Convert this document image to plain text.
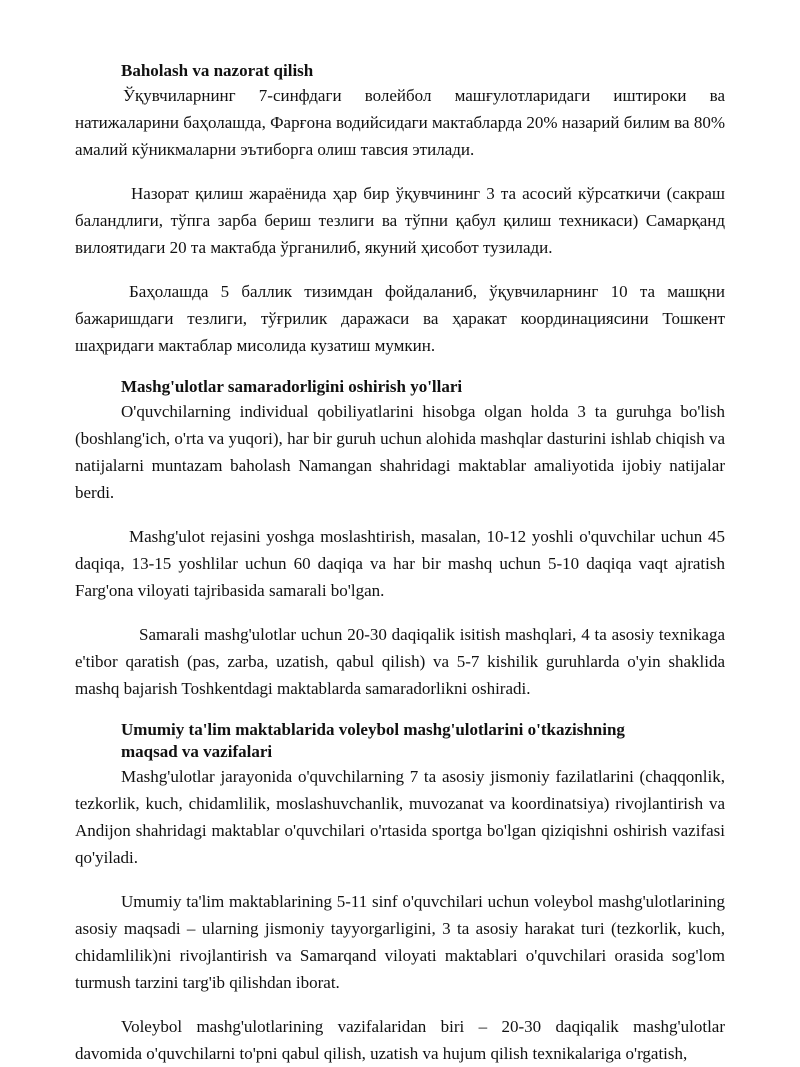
Baholash va nazorat qilish

Ўқувчиларнинг 7-синфдаги волейбол машғулотларидаги иштироки ва натижаларини баҳолашда, Фарғона водийсидаги мактабларда 20% назарий билим ва 80% амалий кўникмаларни эътиборга олиш тавсия этилади.

Назорат қилиш жараёнида ҳар бир ўқувчининг 3 та асосий кўрсаткичи (сакраш баландлиги, тўпга зарба бериш тезлиги ва тўпни қабул қилиш техникаси) Самарқанд вилоятидаги 20 та мактабда ўрганилиб, якуний ҳисобот тузилади.

Баҳолашда 5 баллик тизимдан фойдаланиб, ўқувчиларнинг 10 та машқни бажаришдаги тезлиги, тўғрилик даражаси ва ҳаракат координациясини Тошкент шаҳридаги мактаблар мисолида кузатиш мумкин.

Mashg'ulotlar samaradorligini oshirish yo'llari

O'quvchilarning individual qobiliyatlarini hisobga olgan holda 3 ta guruhga bo'lish (boshlang'ich, o'rta va yuqori), har bir guruh uchun alohida mashqlar dasturini ishlab chiqish va natijalarni muntazam baholash Namangan shahridagi maktablar amaliyotida ijobiy natijalar berdi.

Mashg'ulot rejasini yoshga moslashtirish, masalan, 10-12 yoshli o'quvchilar uchun 45 daqiqa, 13-15 yoshlilar uchun 60 daqiqa va har bir mashq uchun 5-10 daqiqa vaqt ajratish Farg'ona viloyati tajribasida samarali bo'lgan.

Samarali mashg'ulotlar uchun 20-30 daqiqalik isitish mashqlari, 4 ta asosiy texnikaga e'tibor qaratish (pas, zarba, uzatish, qabul qilish) va 5-7 kishilik guruhlarda o'yin shaklida mashq bajarish Toshkentdagi maktablarda samaradorlikni oshiradi.

Umumiy ta'lim maktablarida voleybol mashg'ulotlarini o'tkazishning maqsad va vazifalari

Mashg'ulotlar jarayonida o'quvchilarning 7 ta asosiy jismoniy fazilatlarini (chaqqonlik, tezkorlik, kuch, chidamlilik, moslashuvchanlik, muvozanat va koordinatsiya) rivojlantirish va Andijon shahridagi maktablar o'quvchilari o'rtasida sportga bo'lgan qiziqishni oshirish vazifasi qo'yiladi.

Umumiy ta'lim maktablarining 5-11 sinf o'quvchilari uchun voleybol mashg'ulotlarining asosiy maqsadi – ularning jismoniy tayyorgarligini, 3 ta asosiy harakat turi (tezkorlik, kuch, chidamlilik)ni rivojlantirish va Samarqand viloyati maktablari o'quvchilari orasida sog'lom turmush tarzini targ'ib qilishdan iborat.

Voleybol mashg'ulotlarining vazifalaridan biri – 20-30 daqiqalik mashg'ulotlar davomida o'quvchilarni to'pni qabul qilish, uzatish va hujum qilish texnikalariga o'rgatish,
